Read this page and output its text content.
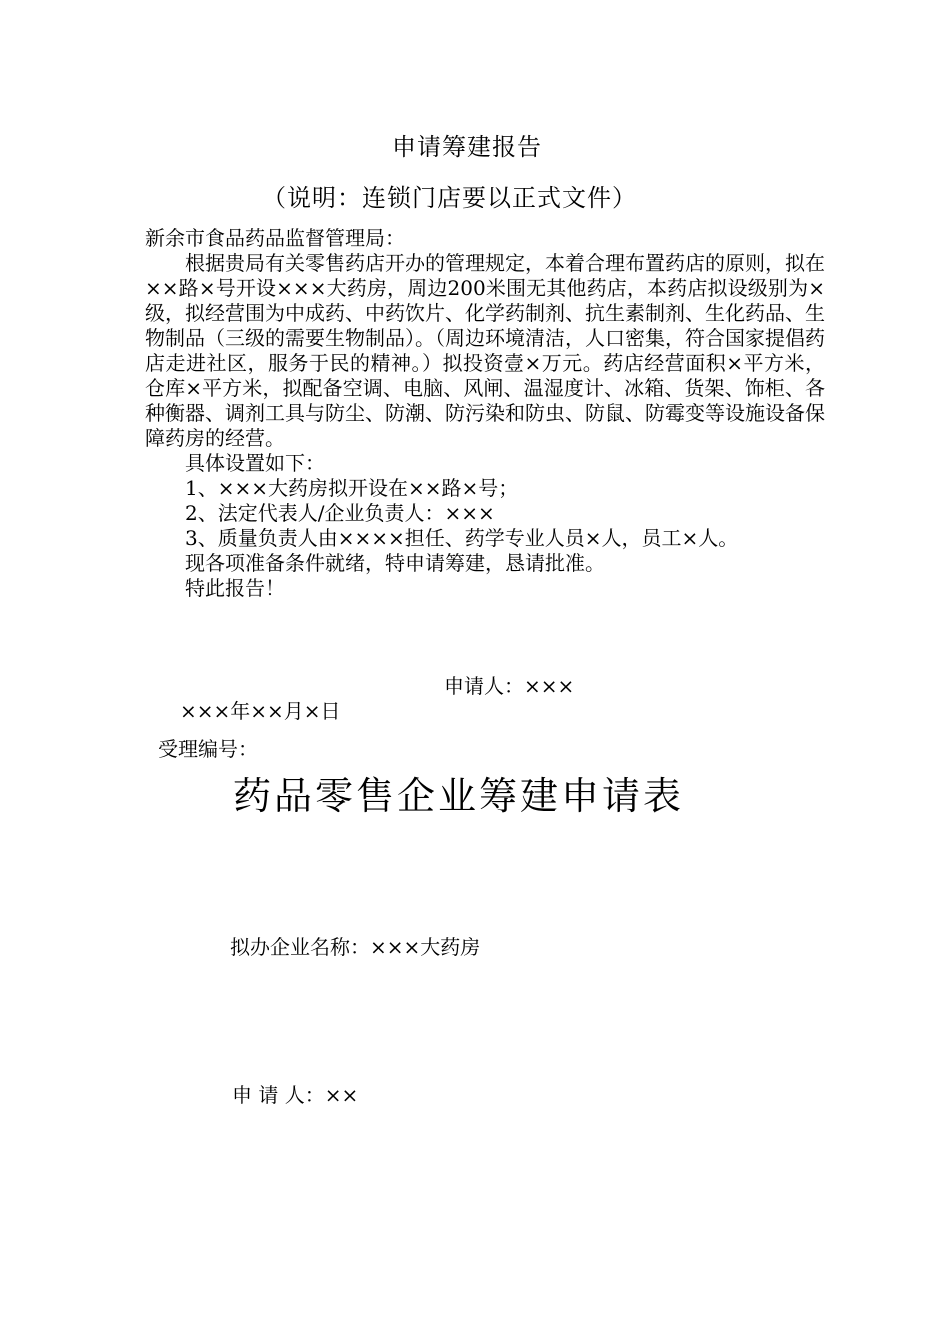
申请筹建报告
（说明：连锁门店要以正式文件）

新余市食品药品监督管理局：

根据贵局有关零售药店开办的管理规定，本着合理布置药店的原则，拟在××路×号开设×××大药房，周边200米围无其他药店，本药店拟设级别为×级，拟经营围为中成药、中药饮片、化学药制剂、抗生素制剂、生化药品、生物制品（三级的需要生物制品）。（周边环境清洁，人口密集，符合国家提倡药店走进社区，服务于民的精神。）拟投资壹×万元。药店经营面积×平方米，仓库×平方米，拟配备空调、电脑、风闸、温湿度计、冰箱、货架、饰柜、各种衡器、调剂工具与防尘、防潮、防污染和防虫、防鼠、防霉变等设施设备保障药房的经营。

具体设置如下：

1、×××大药房拟开设在××路×号；

2、法定代表人/企业负责人：×××

3、质量负责人由××××担任、药学专业人员×人，员工×人。

现各项准备条件就绪，特申请筹建，恳请批准。

特此报告！

申请人：×××
×××年××月×日
受理编号：
药品零售企业筹建申请表
拟办企业名称：×××大药房
申 请 人：××
